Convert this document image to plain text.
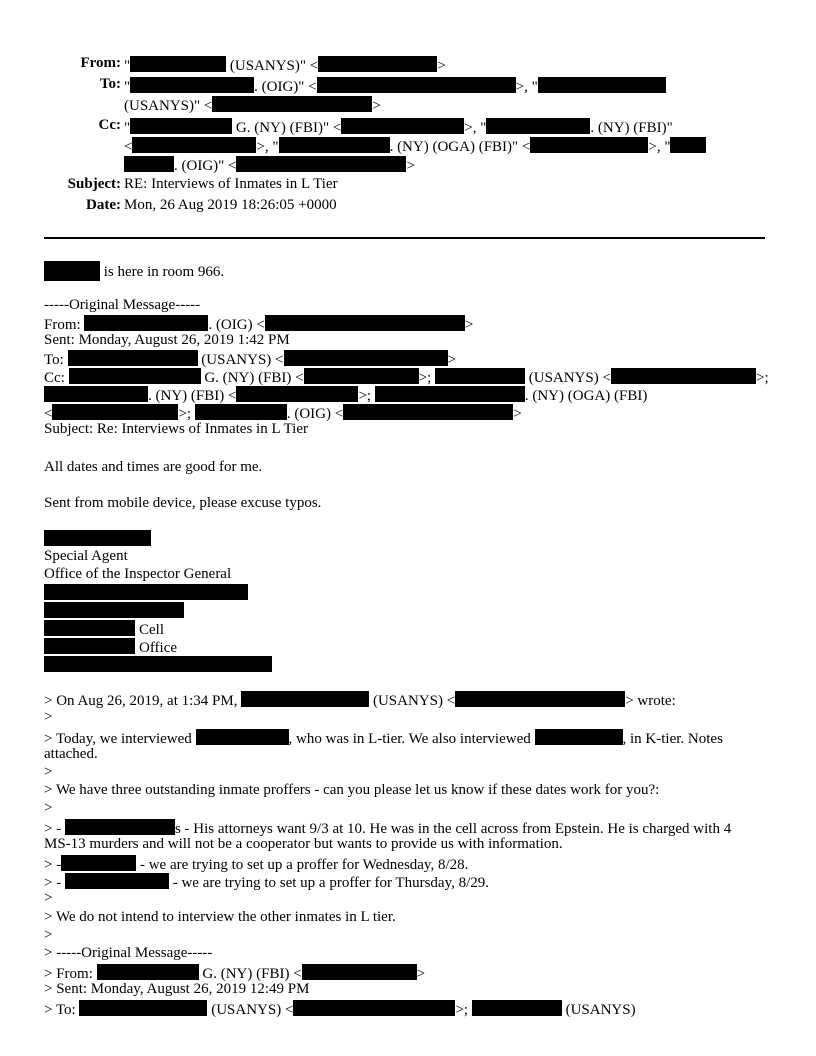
From: "	(USANYS)" <	>
To: "	. (OIG)" <	>, "
(USANYS)" <	>
Cc: "	G. (NY) (FBI)" <	>, "	. (NY) (FBI)"
<	>, "	. (NY) (OGA) (FBI)" <	>, "
. (OIG)" <	>
Subject: RE: Interviews of Inmates in L Tier
Date: Mon, 26 Aug 2019 18:26:05 +0000
is here in room 966.
-----Original Message-----
From:	. (OIG) <	>
Sent: Monday, August 26, 2019 1:42 PM
To:	(USANYS) <	>
Cc:	G. (NY) (FBI) <	>;	(USANYS) <	>;
. (NY) (FBI) <	>;	. (NY) (OGA) (FBI)
<	>;	. (OIG) <	>
Subject: Re: Interviews of Inmates in L Tier
All dates and times are good for me.
Sent from mobile device, please excuse typos.
Special Agent
Office of the Inspector General
Cell
Office
> On Aug 26, 2019, at 1:34 PM,	(USANYS) <	> wrote:
>
> Today, we interviewed	, who was in L-tier. We also interviewed	, in K-tier. Notes
attached.
>
> We have three outstanding inmate proffers - can you please let us know if these dates work for you?:
>
> -	s - His attorneys want 9/3 at 10. He was in the cell across from Epstein. He is charged with 4
MS-13 murders and will not be a cooperator but wants to provide us with information.
> -	- we are trying to set up a proffer for Wednesday, 8/28.
> -	- we are trying to set up a proffer for Thursday, 8/29.
>
> We do not intend to interview the other inmates in L tier.
>
> -----Original Message-----
> From:	G. (NY) (FBI) <	>
> Sent: Monday, August 26, 2019 12:49 PM
> To:	(USANYS) <	>;	(USANYS)
